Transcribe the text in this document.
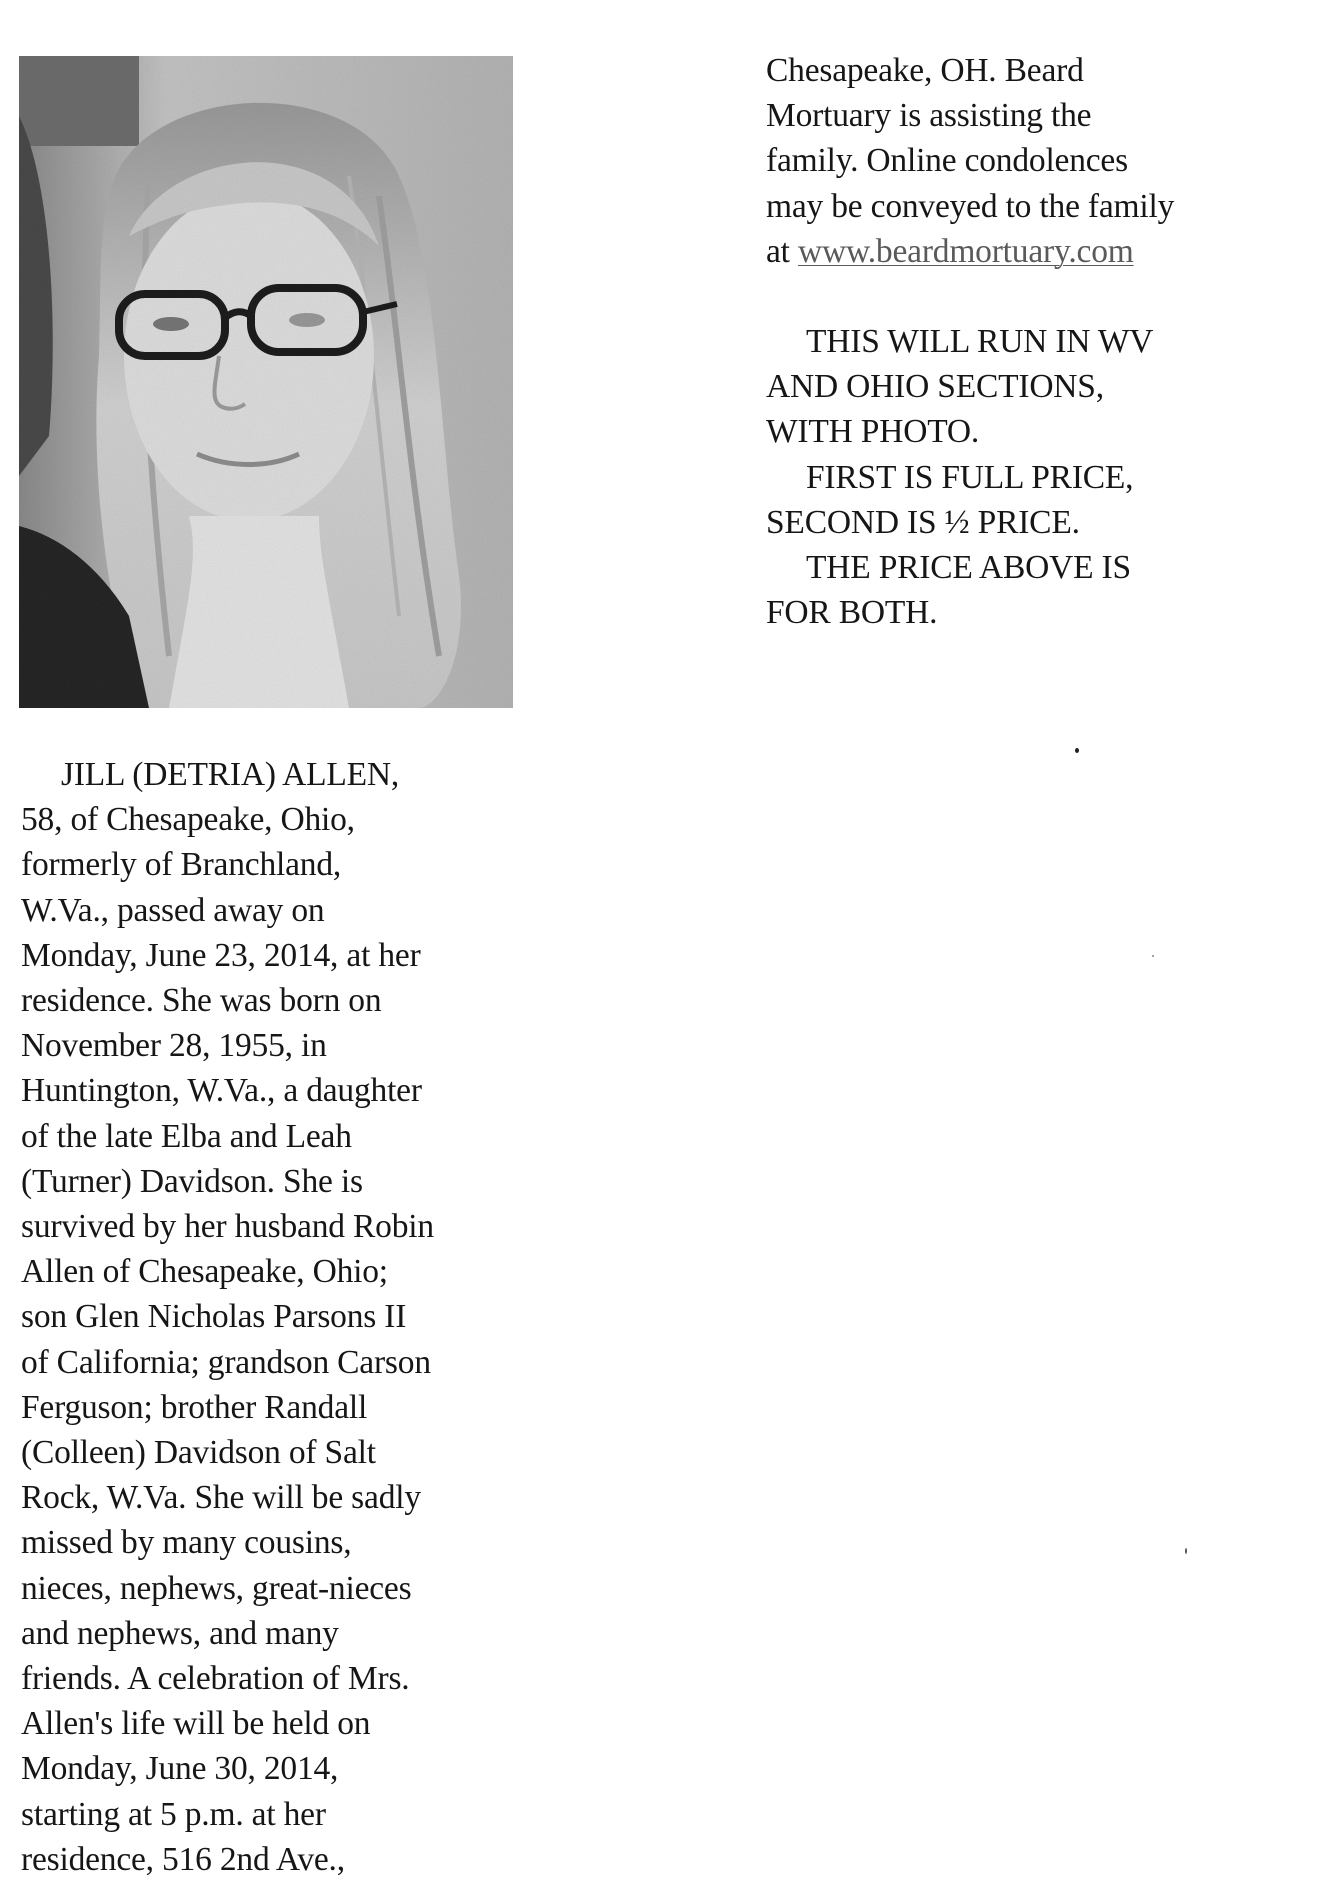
JILL (DETRIA) ALLEN,
58, of Chesapeake, Ohio,
formerly of Branchland,
W.Va., passed away on
Monday, June 23, 2014, at her
residence. She was born on
November 28, 1955, in
Huntington, W.Va., a daughter
of the late Elba and Leah
(Turner) Davidson. She is
survived by her husband Robin
Allen of Chesapeake, Ohio;
son Glen Nicholas Parsons II
of California; grandson Carson
Ferguson; brother Randall
(Colleen) Davidson of Salt
Rock, W.Va. She will be sadly
missed by many cousins,
nieces, nephews, great-nieces
and nephews, and many
friends. A celebration of Mrs.
Allen's life will be held on
Monday, June 30, 2014,
starting at 5 p.m. at her
residence, 516 2nd Ave.,
Chesapeake, OH. Beard
Mortuary is assisting the
family. Online condolences
may be conveyed to the family
at www.beardmortuary.com
THIS WILL RUN IN WV
AND OHIO SECTIONS,
WITH PHOTO.
FIRST IS FULL PRICE,
SECOND IS ½ PRICE.
THE PRICE ABOVE IS
FOR BOTH.
